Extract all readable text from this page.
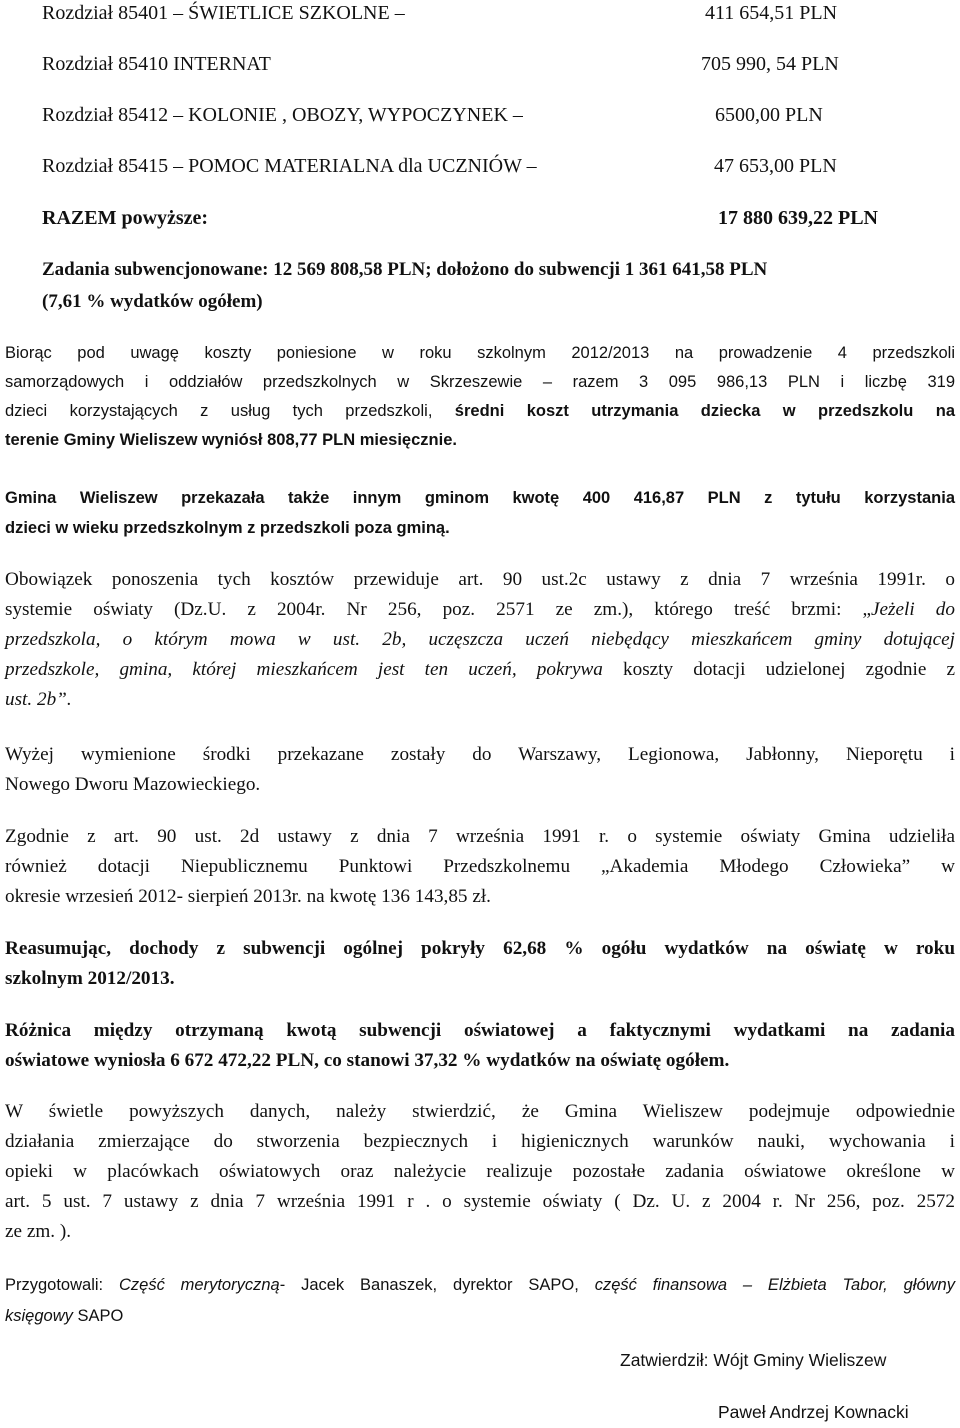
Rozdział 85401 – ŚWIETLICE SZKOLNE –	411 654,51 PLN
Rozdział 85410 INTERNAT	705 990, 54 PLN
Rozdział 85412 – KOLONIE , OBOZY, WYPOCZYNEK –	6500,00 PLN
Rozdział 85415 – POMOC MATERIALNA dla UCZNIÓW –	47 653,00 PLN
RAZEM powyższe:	17 880 639,22 PLN
Zadania subwencjonowane: 12 569 808,58 PLN; dołożono do subwencji 1 361 641,58 PLN
(7,61 % wydatków ogółem)
Biorąc pod uwagę koszty poniesione w roku szkolnym 2012/2013 na prowadzenie 4 przedszkoli
samorządowych i oddziałów przedszkolnych w Skrzeszewie – razem 3 095 986,13 PLN i liczbę 319
dzieci korzystających z usług tych przedszkoli, średni koszt utrzymania dziecka w przedszkolu na
terenie Gminy Wieliszew wyniósł 808,77 PLN miesięcznie.
Gmina Wieliszew przekazała także innym gminom kwotę 400 416,87 PLN z tytułu korzystania
dzieci w wieku przedszkolnym z przedszkoli poza gminą.
Obowiązek ponoszenia tych kosztów przewiduje art. 90 ust.2c ustawy z dnia 7 września 1991r. o
systemie oświaty (Dz.U. z 2004r. Nr 256, poz. 2571 ze zm.), którego treść brzmi: „Jeżeli do
przedszkola, o którym mowa w ust. 2b, uczęszcza uczeń niebędący mieszkańcem gminy dotującej
przedszkole, gmina, której mieszkańcem jest ten uczeń, pokrywa koszty dotacji udzielonej zgodnie z
ust. 2b”.
Wyżej wymienione środki przekazane zostały do Warszawy, Legionowa, Jabłonny, Nieporętu i
Nowego Dworu Mazowieckiego.
Zgodnie z art. 90 ust. 2d ustawy z dnia 7 września 1991 r. o systemie oświaty Gmina udzieliła
również dotacji Niepublicznemu Punktowi Przedszkolnemu „Akademia Młodego Człowieka” w
okresie wrzesień 2012- sierpień 2013r. na kwotę 136 143,85 zł.
Reasumując, dochody z subwencji ogólnej pokryły 62,68 % ogółu wydatków na oświatę w roku
szkolnym 2012/2013.
Różnica między otrzymaną kwotą subwencji oświatowej a faktycznymi wydatkami na zadania
oświatowe wyniosła 6 672 472,22 PLN, co stanowi 37,32 % wydatków na oświatę ogółem.
W świetle powyższych danych, należy stwierdzić, że Gmina Wieliszew podejmuje odpowiednie
działania zmierzające do stworzenia bezpiecznych i higienicznych warunków nauki, wychowania i
opieki w placówkach oświatowych oraz należycie realizuje pozostałe zadania oświatowe określone w
art. 5 ust. 7 ustawy z dnia 7 września 1991 r . o systemie oświaty ( Dz. U. z 2004 r. Nr 256, poz. 2572
ze zm. ).
Przygotowali: Część merytoryczną- Jacek Banaszek, dyrektor SAPO, część finansowa – Elżbieta Tabor, główny
księgowy SAPO
Zatwierdził: Wójt Gminy Wieliszew
Paweł Andrzej Kownacki
